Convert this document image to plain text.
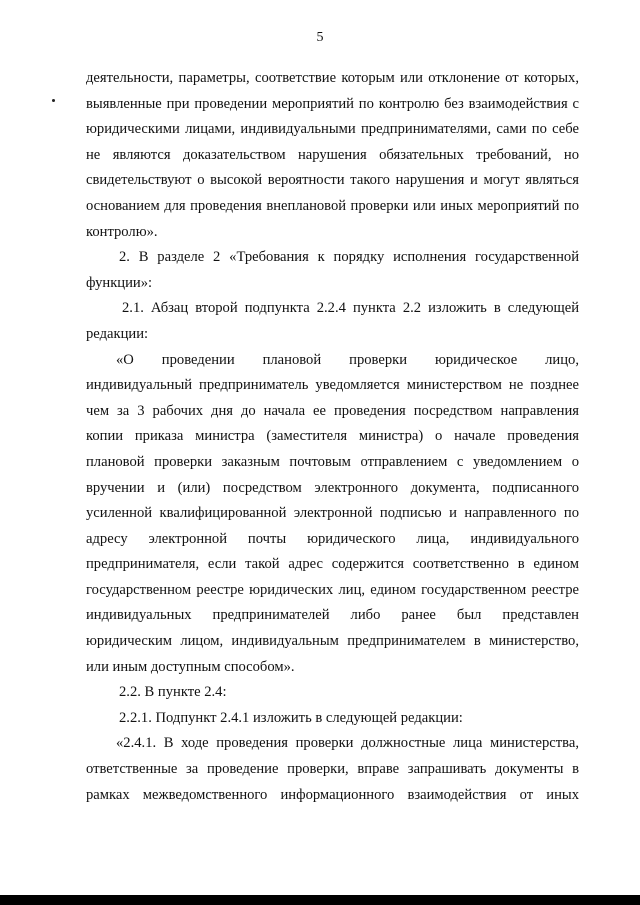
5
деятельности, параметры, соответствие которым или отклонение от которых,
выявленные при проведении мероприятий по контролю без взаимодействия с
юридическими лицами, индивидуальными предпринимателями, сами по себе
не являются доказательством нарушения обязательных требований, но
свидетельствуют о высокой вероятности такого нарушения и могут являться
основанием для проведения внеплановой проверки или иных мероприятий по
контролю».
2. В разделе 2 «Требования к порядку исполнения государственной
функции»:
2.1. Абзац второй подпункта 2.2.4 пункта 2.2 изложить в следующей
редакции:
«О проведении плановой проверки юридическое лицо,
индивидуальный предприниматель уведомляется министерством не позднее
чем за 3 рабочих дня до начала ее проведения посредством направления
копии приказа министра (заместителя министра) о начале проведения
плановой проверки заказным почтовым отправлением с уведомлением о
вручении и (или) посредством электронного документа, подписанного
усиленной квалифицированной электронной подписью и направленного по
адресу электронной почты юридического лица, индивидуального
предпринимателя, если такой адрес содержится соответственно в едином
государственном реестре юридических лиц, едином государственном реестре
индивидуальных предпринимателей либо ранее был представлен
юридическим лицом, индивидуальным предпринимателем в министерство,
или иным доступным способом».
2.2. В пункте 2.4:
2.2.1. Подпункт 2.4.1 изложить в следующей редакции:
«2.4.1. В ходе проведения проверки должностные лица министерства,
ответственные за проведение проверки, вправе запрашивать документы в
рамках межведомственного информационного взаимодействия от иных
